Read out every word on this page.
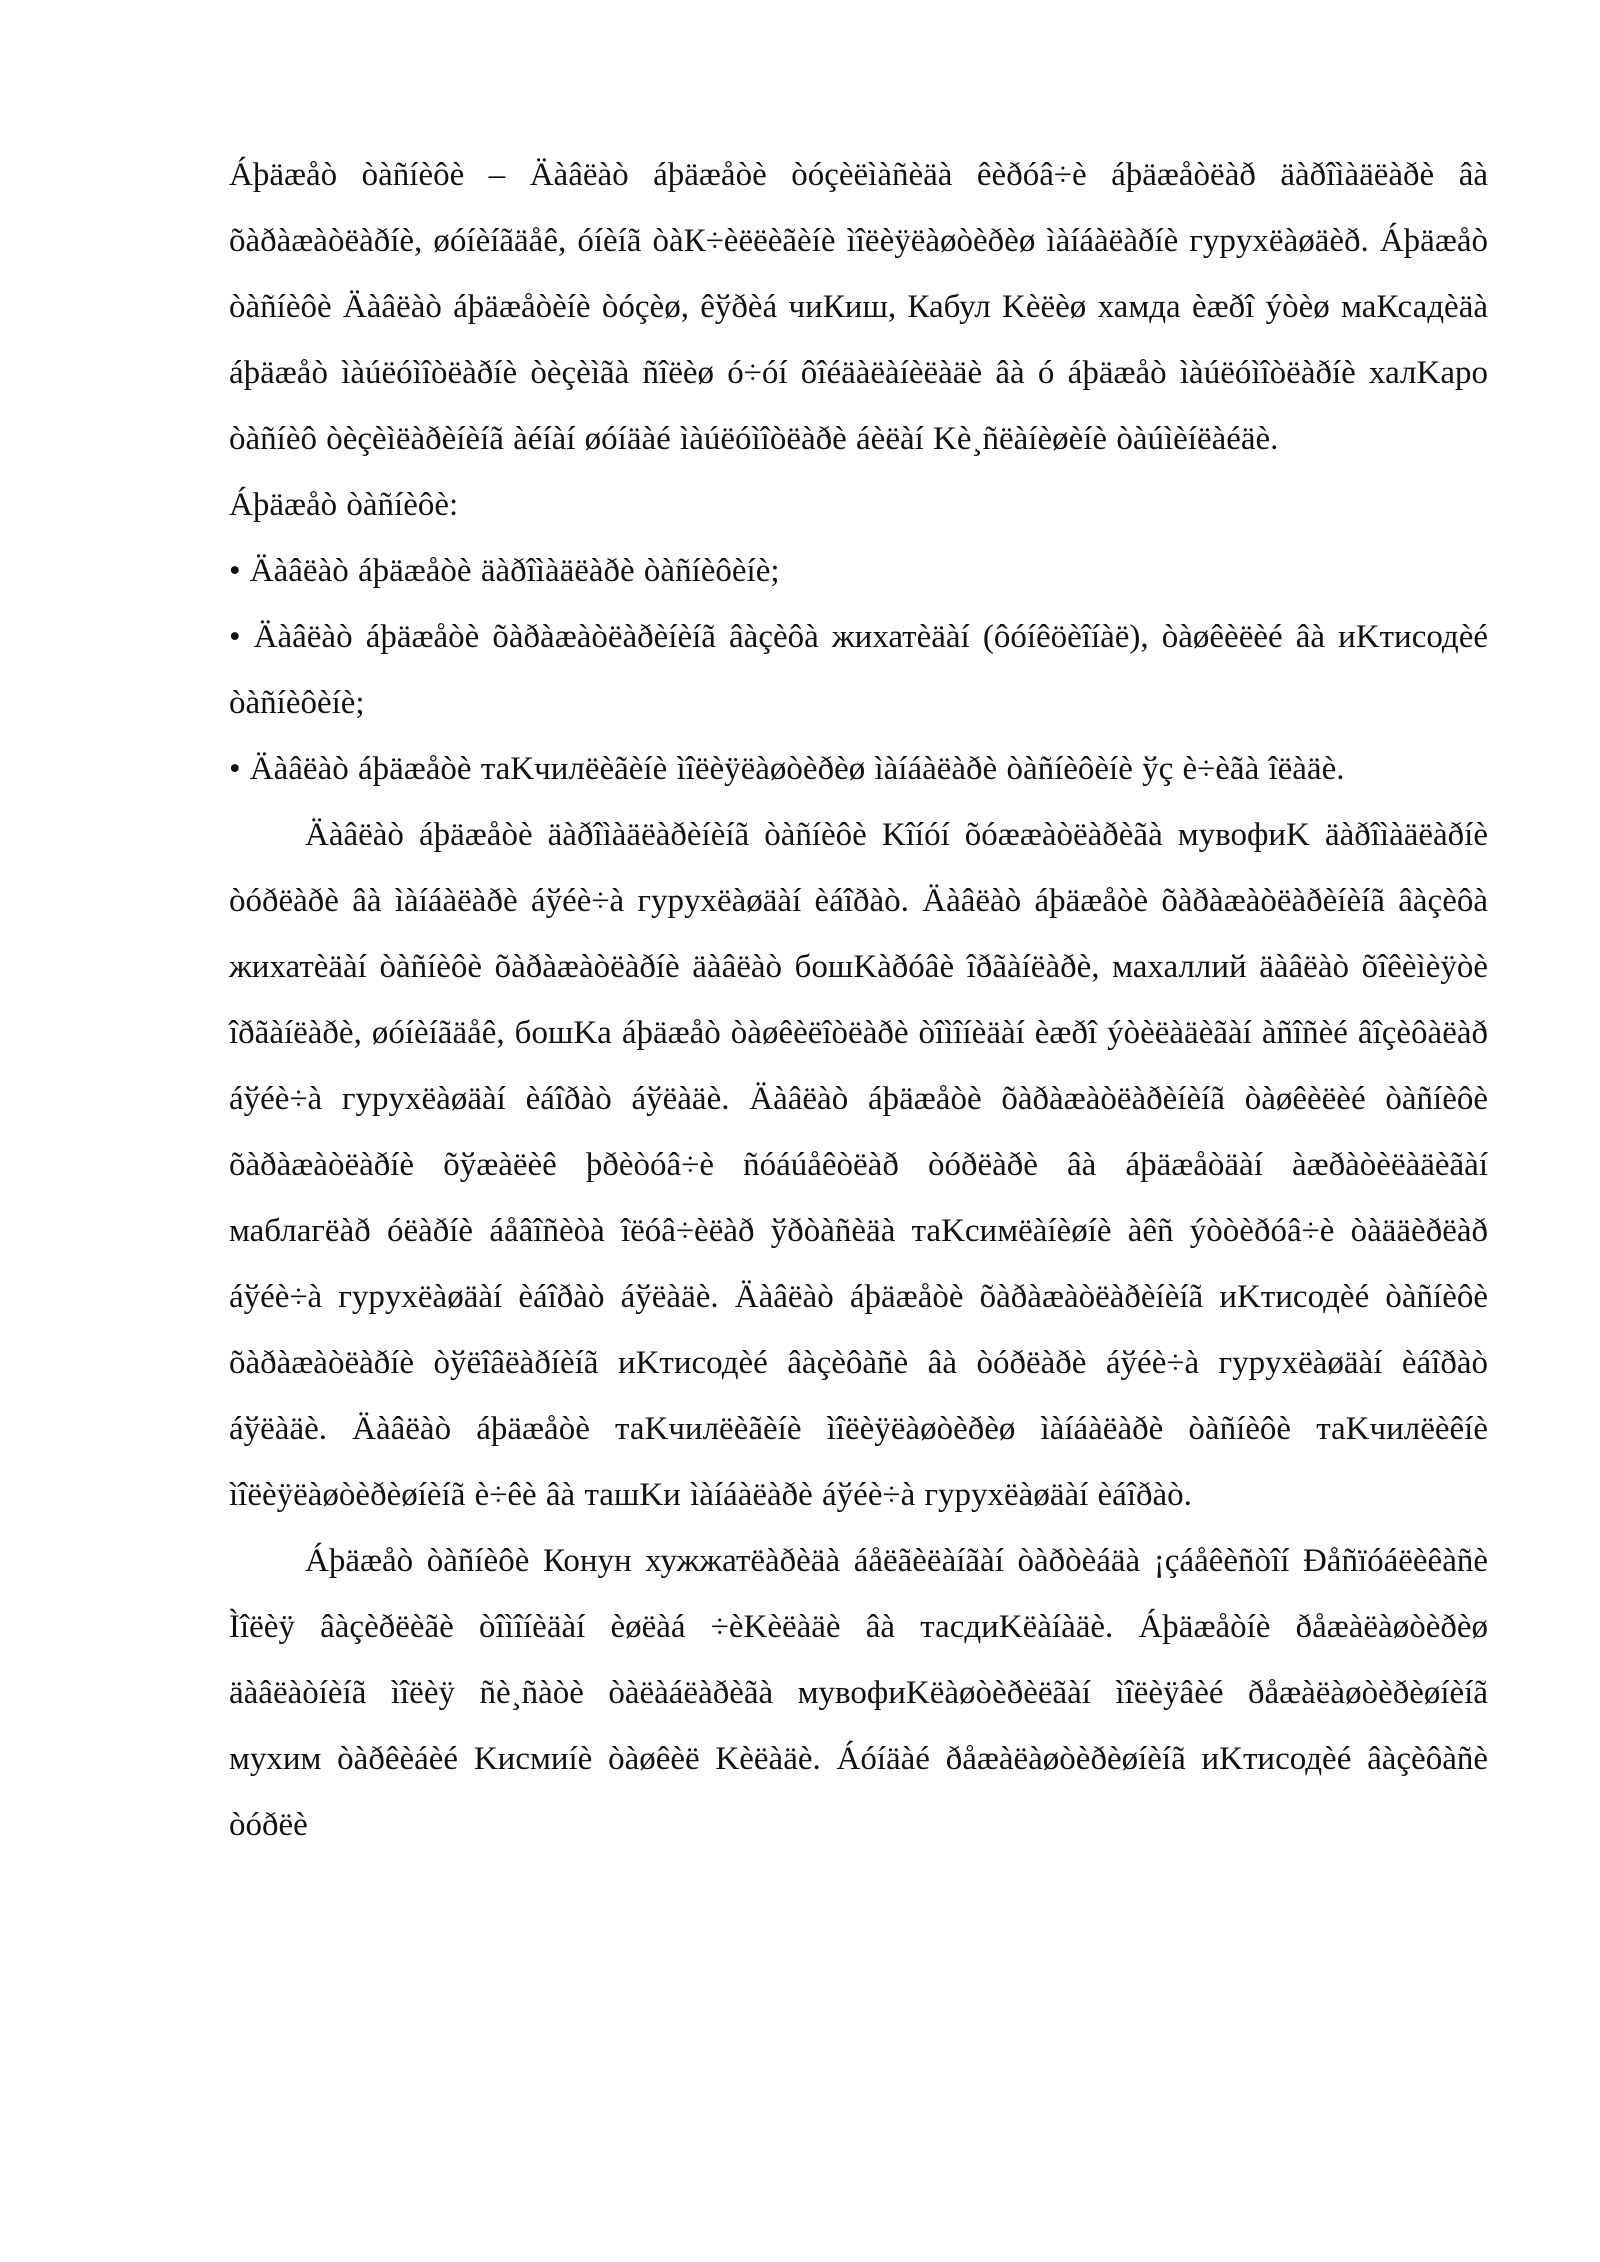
Áþäæåò òàñíèôè – Äàâëàò áþäæåòè òóçèëìàñèäà êèðóâ÷è áþäæåòëàð äàðîìàäëàðè âà õàðàæàòëàðíè, øóíèíãäåê, óíèíã òàК÷èëëèãèíè ìîëèÿëàøòèðèø ìàíáàëàðíè гуpyхëàøäèð. Áþäæåò òàñíèôè Äàâëàò áþäæåòèíè òóçèø, êўðèá чиКиш, Кабул Kèëèø хамда èæðî ýòèø маКсадèäà áþäæåò ìàúëóìîòëàðíè òèçèìãà ñîëèø ó÷óí ôîéäàëàíèëàäè âà ó áþäæåò ìàúëóìîòëàðíè халKаро òàñíèô òèçèìëàðèíèíã àéíàí øóíäàé ìàúëóìîòëàðè áèëàí Kè¸ñëàíèøèíè òàúìèíëàéäè.

Áþäæåò òàñíèôè:

• Äàâëàò áþäæåòè äàðîìàäëàðè òàñíèôèíè;

• Äàâëàò áþäæåòè õàðàæàòëàðèíèíã âàçèôà жихатèäàí (ôóíêöèîíàë), òàøêèëèé âà иKтисодèé òàñíèôèíè;

• Äàâëàò áþäæåòè таKчилëèãèíè ìîëèÿëàøòèðèø ìàíáàëàðè òàñíèôèíè ўç è÷èãà îëàäè.

Äàâëàò áþäæåòè äàðîìàäëàðèíèíã òàñíèôè Kîíóí õóææàòëàðèãà мувофиK äàðîìàäëàðíè òóðëàðè âà ìàíáàëàðè áўéè÷à гуpyхëàøäàí èáîðàò. Äàâëàò áþäæåòè õàðàæàòëàðèíèíã âàçèôà жихатèäàí òàñíèôè õàðàæàòëàðíè äàâëàò бошKàðóâè îðãàíëàðè, махаллий äàâëàò õîêèìèÿòè îðãàíëàðè, øóíèíãäåê, бошKа áþäæåò òàøêèëîòëàðè òîìîíèäàí èæðî ýòèëàäèãàí àñîñèé âîçèôàëàð áўéè÷à гуpyхëàøäàí èáîðàò áўëàäè. Äàâëàò áþäæåòè õàðàæàòëàðèíèíã òàøêèëèé òàñíèôè õàðàæàòëàðíè õўæàëèê þðèòóâ÷è ñóáúåêòëàð òóðëàðè âà áþäæåòäàí àæðàòèëàäèãàí маблагëàð óëàðíè áåâîñèòà îëóâ÷èëàð ўðòàñèäà таKсимëàíèøíè àêñ ýòòèðóâ÷è òàääèðëàð áўéè÷à гуpyхëàøäàí èáîðàò áўëàäè. Äàâëàò áþäæåòè õàðàæàòëàðèíèíã иKтисодèé òàñíèôè õàðàæàòëàðíè òўëîâëàðíèíã иKтисодèé âàçèôàñè âà òóðëàðè áўéè÷à гуpyхëàøäàí èáîðàò áўëàäè. Äàâëàò áþäæåòè таKчилëèãèíè ìîëèÿëàøòèðèø ìàíáàëàðè òàñíèôè таKчилëèêíè ìîëèÿëàøòèðèøíèíã è÷êè âà ташKи ìàíáàëàðè áўéè÷à гуpyхëàøäàí èáîðàò.

Áþäæåò òàñíèôè Конун хужжатëàðèäà áåëãèëàíãàí òàðòèáäà ¡çáåêèñòîí Ðåñïóáëèêàñè Ìîëèÿ âàçèðëèãè òîìîíèäàí èøëàá ÷èKèëàäè âà тасдиKëàíàäè. Áþäæåòíè ðåæàëàøòèðèø äàâëàòíèíã ìîëèÿ ñè¸ñàòè òàëàáëàðèãà мувофиKëàøòèðèëãàí ìîëèÿâèé ðåæàëàøòèðèøíèíã мухим òàðêèáèé Kисмиíè òàøêèë Kèëàäè. Áóíäàé ðåæàëàøòèðèøíèíã иKтисодèé âàçèôàñè òóðëè
